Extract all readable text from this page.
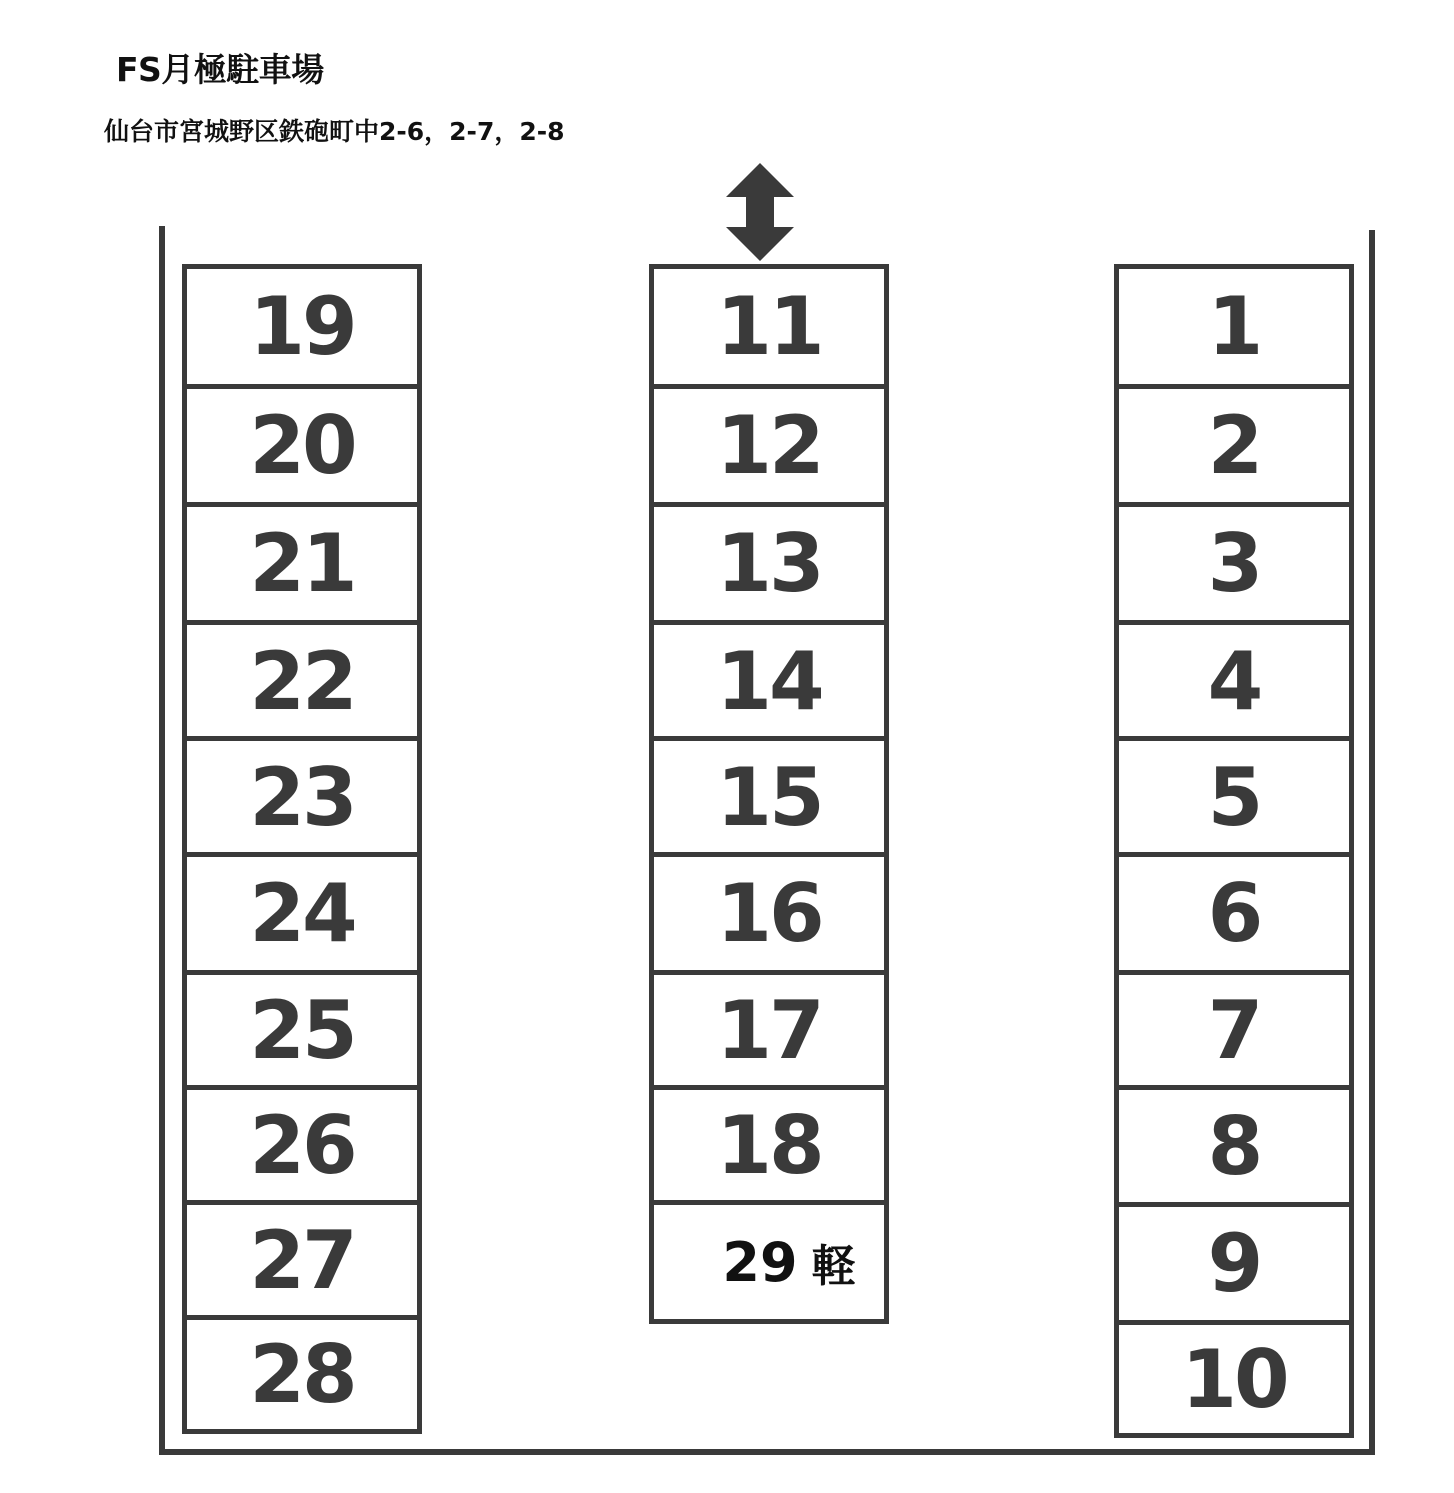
FS月極駐車場
仙台市宮城野区鉄砲町中2-6，2-7，2-8
19
20
21
22
23
24
25
26
27
28
11
12
13
14
15
16
17
18
29 軽
1
2
3
4
5
6
7
8
9
10
